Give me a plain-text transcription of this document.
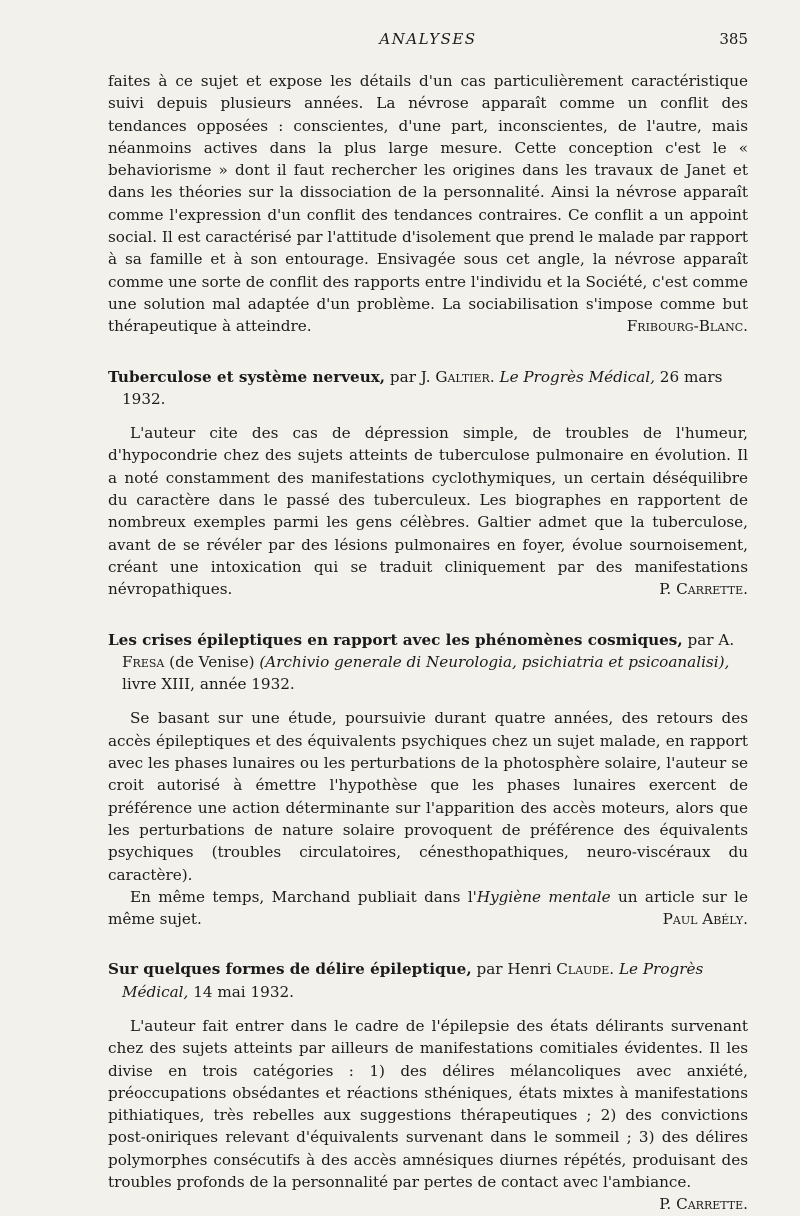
ANALYSES	385

faites à ce sujet et expose les détails d'un cas particulièrement caractéristique suivi depuis plusieurs années. La névrose apparaît comme un conflit des tendances opposées : conscientes, d'une part, inconscientes, de l'autre, mais néanmoins actives dans la plus large mesure. Cette conception c'est le « behaviorisme » dont il faut rechercher les origines dans les travaux de Janet et dans les théories sur la dissociation de la personnalité. Ainsi la névrose apparaît comme l'expression d'un conflit des tendances contraires. Ce conflit a un appoint social. Il est caractérisé par l'attitude d'isolement que prend le malade par rapport à sa famille et à son entourage. Ensivagée sous cet angle, la névrose apparaît comme une sorte de conflit des rapports entre l'individu et la Société, c'est comme une solution mal adaptée d'un problème. La sociabilisation s'impose comme but thérapeutique à atteindre.	Fribourg-Blanc.

Tuberculose et système nerveux, par J. Galtier. Le Progrès Médical, 26 mars 1932.

L'auteur cite des cas de dépression simple, de troubles de l'humeur, d'hypocondrie chez des sujets atteints de tuberculose pulmonaire en évolution. Il a noté constamment des manifestations cyclothymiques, un certain déséquilibre du caractère dans le passé des tuberculeux. Les biographes en rapportent de nombreux exemples parmi les gens célèbres. Galtier admet que la tuberculose, avant de se révéler par des lésions pulmonaires en foyer, évolue sournoisement, créant une intoxication qui se traduit cliniquement par des manifestations névropathiques.	P. Carrette.

Les crises épileptiques en rapport avec les phénomènes cosmiques, par A. Fresa (de Venise) (Archivio generale di Neurologia, psichiatria et psicoanalisi), livre XIII, année 1932.

Se basant sur une étude, poursuivie durant quatre années, des retours des accès épileptiques et des équivalents psychiques chez un sujet malade, en rapport avec les phases lunaires ou les perturbations de la photosphère solaire, l'auteur se croit autorisé à émettre l'hypothèse que les phases lunaires exercent de préférence une action déterminante sur l'apparition des accès moteurs, alors que les perturbations de nature solaire provoquent de préférence des équivalents psychiques (troubles circulatoires, cénesthopathiques, neuro-viscéraux du caractère).

En même temps, Marchand publiait dans l'Hygiène mentale un article sur le même sujet.	Paul Abély.

Sur quelques formes de délire épileptique, par Henri Claude. Le Progrès Médical, 14 mai 1932.

L'auteur fait entrer dans le cadre de l'épilepsie des états délirants survenant chez des sujets atteints par ailleurs de manifestations comitiales évidentes. Il les divise en trois catégories : 1) des délires mélancoliques avec anxiété, préoccupations obsédantes et réactions sthéniques, états mixtes à manifestations pithiatiques, très rebelles aux suggestions thérapeutiques ; 2) des convictions post-oniriques relevant d'équivalents survenant dans le sommeil ; 3) des délires polymorphes consécutifs à des accès amnésiques diurnes répétés, produisant des troubles profonds de la personnalité par pertes de contact avec l'ambiance.
P. Carrette.
